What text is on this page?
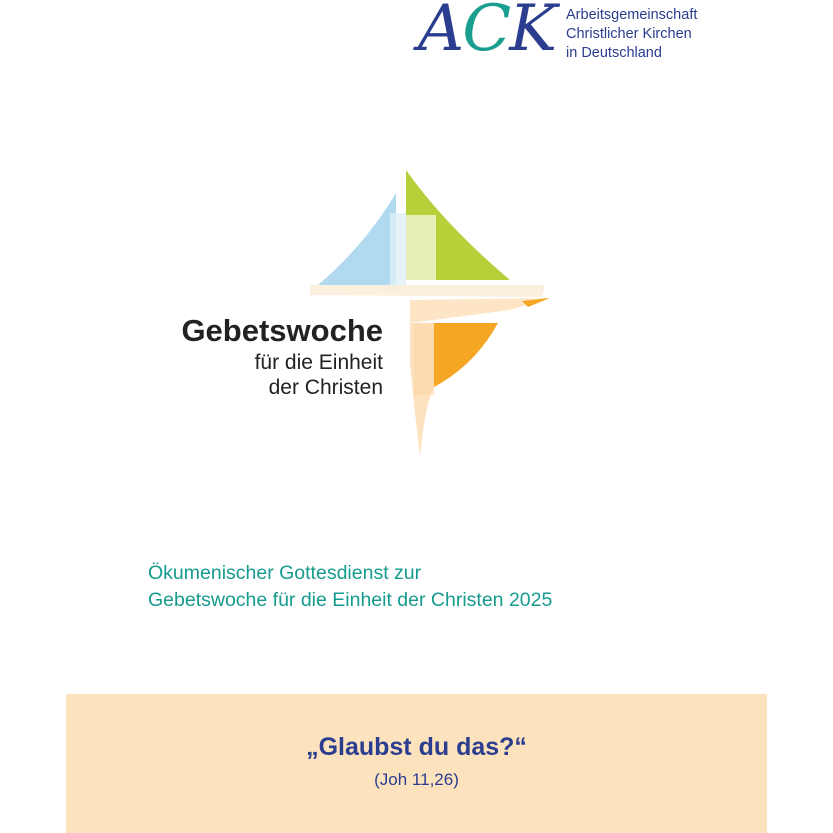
ACK Arbeitsgemeinschaft
Christlicher Kirchen
in Deutschland
Gebetswoche
für die Einheit
der Christen
Ökumenischer Gottesdienst zur
Gebetswoche für die Einheit der Christen 2025
„Glaubst du das?“
(Joh 11,26)
